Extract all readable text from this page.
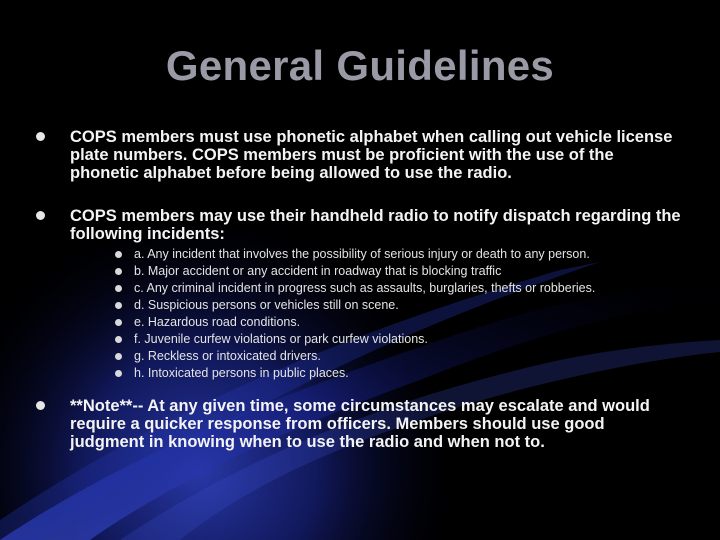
General Guidelines
COPS members must use phonetic alphabet when calling out vehicle license plate numbers. COPS members must be proficient with the use of the phonetic alphabet before being allowed to use the radio.
COPS members may use their handheld radio to notify dispatch regarding the following incidents:
a. Any incident that involves the possibility of serious injury or death to any person.
b. Major accident or any accident in roadway that is blocking traffic
c. Any criminal incident in progress such as assaults, burglaries, thefts or robberies.
d. Suspicious persons or vehicles still on scene.
e. Hazardous road conditions.
f. Juvenile curfew violations or park curfew violations.
g. Reckless or intoxicated drivers.
h. Intoxicated persons in public places.
**Note**-- At any given time, some circumstances may escalate and would require a quicker response from officers. Members should use good judgment in knowing when to use the radio and when not to.
